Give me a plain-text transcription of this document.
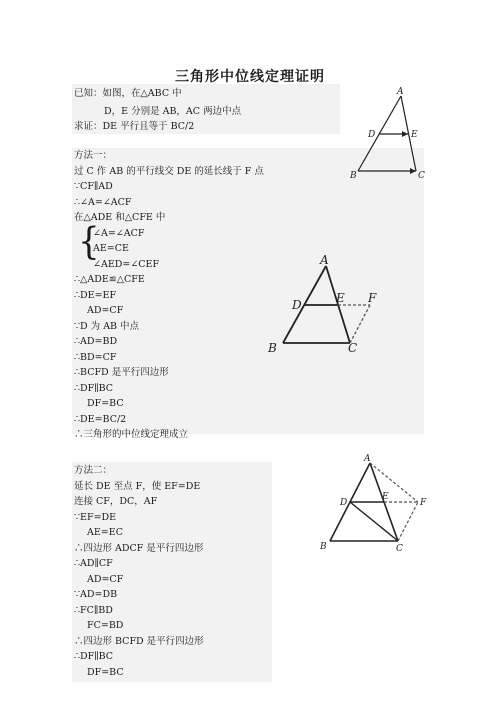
三角形中位线定理证明
已知：如图，在△ABC 中
D，E 分别是 AB，AC 两边中点
求证：DE 平行且等于 BC/2
方法一：
过 C 作 AB 的平行线交 DE 的延长线于 F 点
∵CF∥AD
∴∠A=∠ACF
在△ADE 和△CFE 中
∠A=∠ACF
AE=CE
∠AED=∠CEF
∴△ADE≌△CFE
∴DE=EF
AD=CF
∵D 为 AB 中点
∴AD=BD
∴BD=CF
∴BCFD 是平行四边形
∴DF∥BC
DF=BC
∴DE=BC/2
∴三角形的中位线定理成立
方法二：
延长 DE 至点 F，使 EF=DE
连接 CF，DC，AF
∵EF=DE
AE=EC
∴四边形 ADCF 是平行四边形
∴AD∥CF
AD=CF
∵AD=DB
∴FC∥BD
FC=BD
∴四边形 BCFD 是平行四边形
∴DF∥BC
DF=BC
{
A
D	E
B	C
A
D	E F
B	C
A
D
E
F
B	C
